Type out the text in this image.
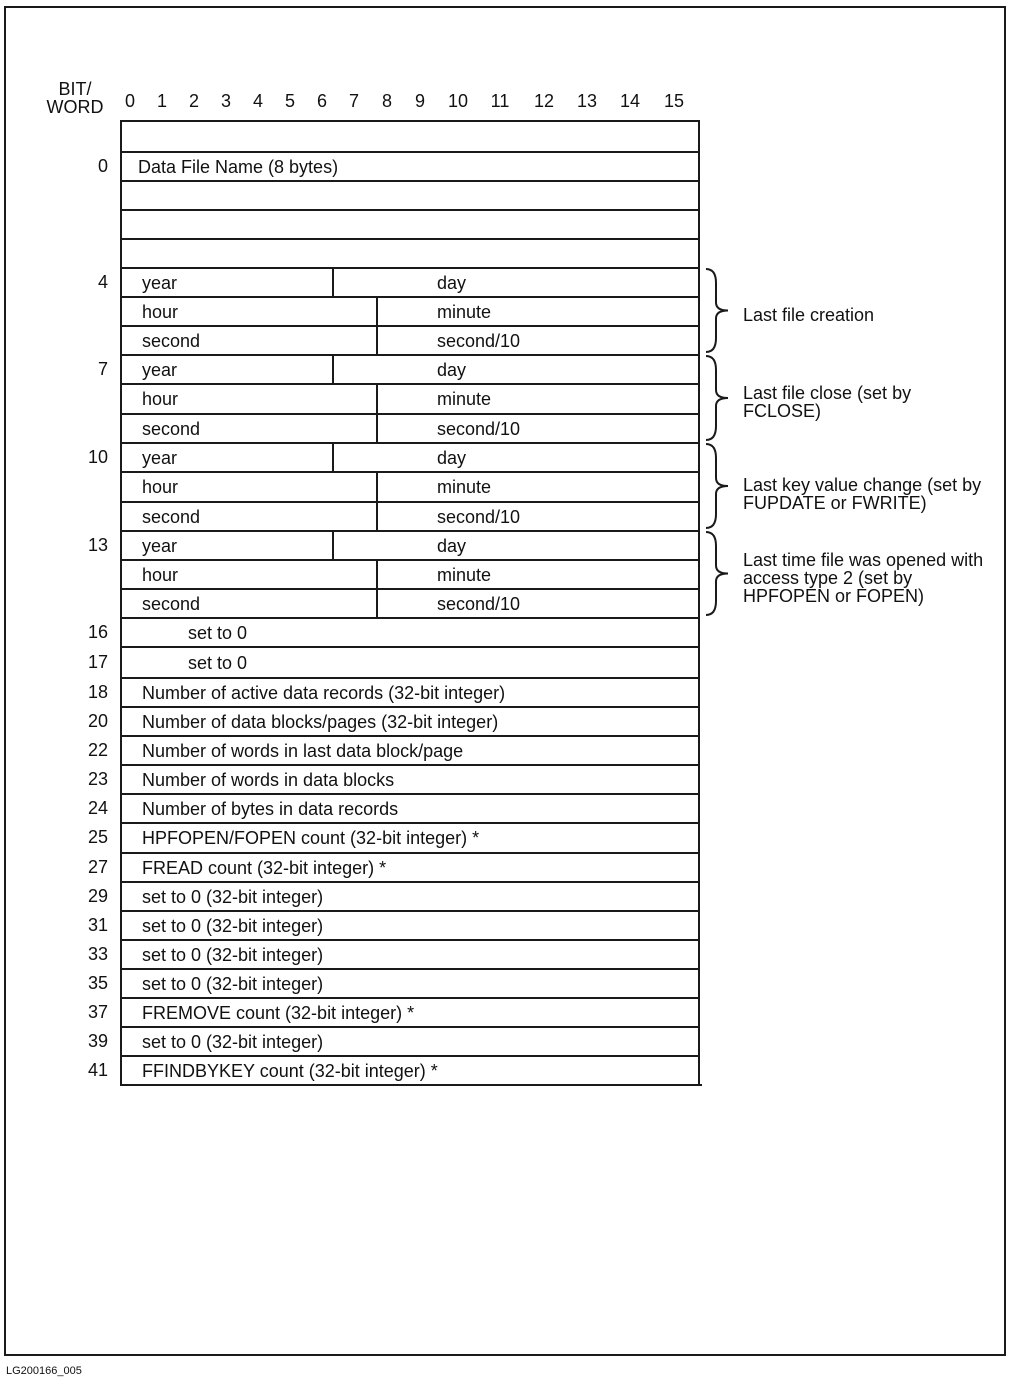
BIT/ WORD	0	1	2	3	4	5	6	7	8	9	10	11	12 13 14 15
0 Data File Name (8 bytes)
4 year	day
hour	minute
second	second/10
7 year	day
hour	minute
second	second/10
10 year	day
hour	minute
second	second/10
13 year	day
hour	minute
second	second/10
16	set to 0
17	set to 0
18 Number of active data records (32-bit integer)
20 Number of data blocks/pages (32-bit integer)
22 Number of words in last data block/page
23 Number of words in data blocks
24 Number of bytes in data records
25 HPFOPEN/FOPEN count (32-bit integer) *
27 FREAD count (32-bit integer) *
29 set to 0 (32-bit integer)
31 set to 0 (32-bit integer)
33 set to 0 (32-bit integer)
35 set to 0 (32-bit integer)
37 FREMOVE count (32-bit integer) *
39 set to 0 (32-bit integer)
41 FFINDBYKEY count (32-bit integer) *
Last file creation
Last file close (set by FCLOSE)
Last key value change (set by FUPDATE or FWRITE)
Last time file was opened with access type 2 (set by HPFOPEN or FOPEN)
LG200166_005
